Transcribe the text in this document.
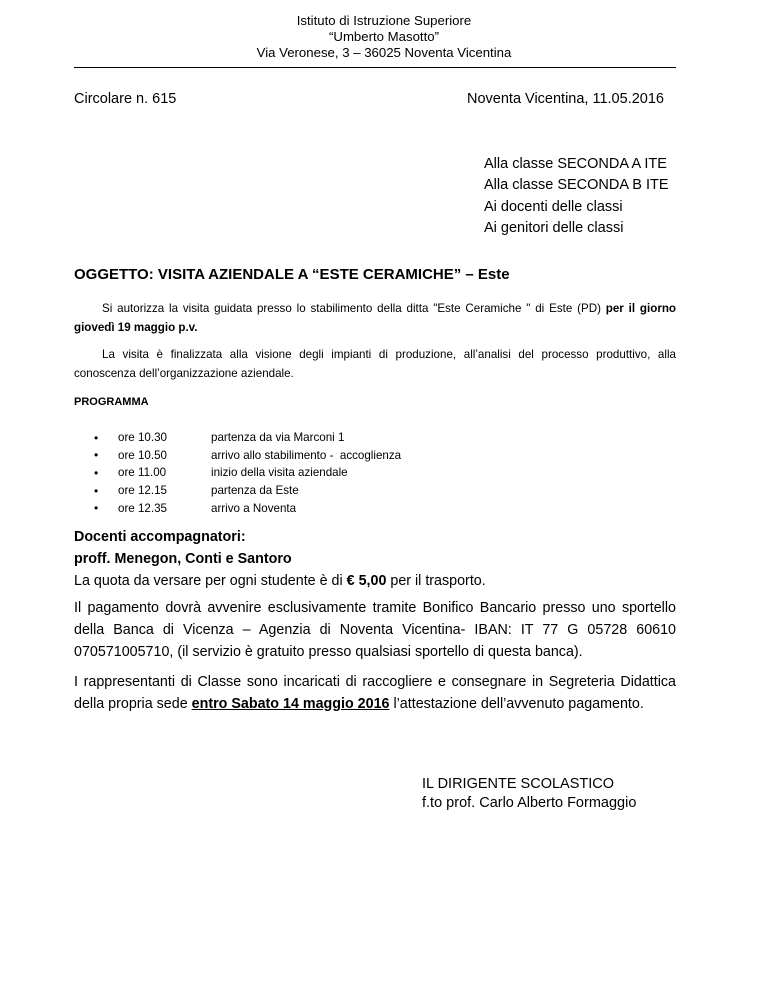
Istituto di Istruzione Superiore
“Umberto Masotto”
Via Veronese, 3 – 36025 Noventa Vicentina
Circolare n. 615	Noventa Vicentina, 11.05.2016
Alla classe SECONDA A ITE
Alla classe SECONDA B ITE
Ai docenti delle classi
Ai genitori delle classi
OGGETTO: VISITA AZIENDALE A “ESTE CERAMICHE” – Este
Si autorizza la visita guidata presso lo stabilimento della ditta "Este Ceramiche " di Este (PD) per il giorno giovedì 19 maggio p.v.
La visita è finalizzata alla visione degli impianti di produzione, all’analisi del processo produttivo, alla conoscenza dell’organizzazione aziendale.
PROGRAMMA
•	ore 10.30	partenza da via Marconi 1
•	ore 10.50	arrivo allo stabilimento -  accoglienza
•	ore 11.00	inizio della visita aziendale
•	ore 12.15	partenza da Este
•	ore 12.35	arrivo a Noventa
Docenti accompagnatori:
proff. Menegon, Conti e Santoro
La quota da versare per ogni studente è di € 5,00 per il trasporto.
Il pagamento dovrà avvenire esclusivamente tramite Bonifico Bancario presso uno sportello della Banca di Vicenza – Agenzia di Noventa Vicentina- IBAN: IT 77 G 05728 60610 070571005710, (il servizio è gratuito presso qualsiasi sportello di questa banca).
I rappresentanti di Classe sono incaricati di raccogliere e consegnare in Segreteria Didattica della propria sede entro Sabato 14 maggio 2016 l’attestazione dell’avvenuto pagamento.
IL DIRIGENTE SCOLASTICO
f.to prof. Carlo Alberto Formaggio
